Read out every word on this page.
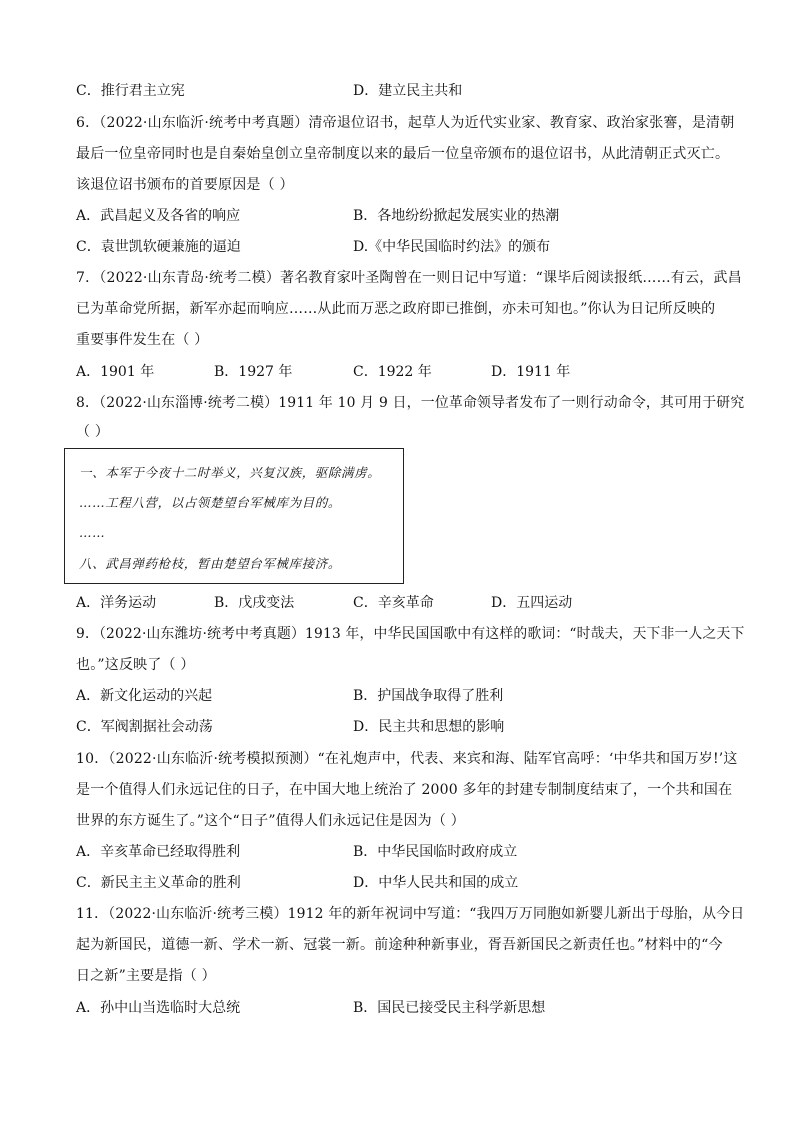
C．推行君主立宪	D．建立民主共和
6．（2022·山东临沂·统考中考真题）清帝退位诏书，起草人为近代实业家、教育家、政治家张謇，是清朝
最后一位皇帝同时也是自秦始皇创立皇帝制度以来的最后一位皇帝颁布的退位诏书，从此清朝正式灭亡。
该退位诏书颁布的首要原因是（ ）
A．武昌起义及各省的响应	B．各地纷纷掀起发展实业的热潮
C．袁世凯软硬兼施的逼迫	D.《中华民国临时约法》的颁布
7．（2022·山东青岛·统考二模）著名教育家叶圣陶曾在一则日记中写道：“课毕后阅读报纸……有云，武昌
已为革命党所据，新军亦起而响应……从此而万恶之政府即已推倒，亦未可知也。”你认为日记所反映的
重要事件发生在（ ）
A．1901 年	B．1927 年	C．1922 年	D．1911 年
8．（2022·山东淄博·统考二模）1911 年 10 月 9 日，一位革命领导者发布了一则行动命令，其可用于研究
（ ）
一、本军于今夜十二时举义，兴复汉族，驱除满虏。
……工程八营，以占领楚望台军械库为目的。
……
八、武昌弹药枪枝，暂由楚望台军械库接济。
A．洋务运动	B．戊戌变法	C．辛亥革命	D．五四运动
9．（2022·山东潍坊·统考中考真题）1913 年，中华民国国歌中有这样的歌词：“时哉夫，天下非一人之天下
也。”这反映了（ ）
A．新文化运动的兴起	B．护国战争取得了胜利
C．军阀割据社会动荡	D．民主共和思想的影响
10．（2022·山东临沂·统考模拟预测）“在礼炮声中，代表、来宾和海、陆军官高呼：‘中华共和国万岁!’这
是一个值得人们永远记住的日子，在中国大地上统治了 2000 多年的封建专制制度结束了，一个共和国在
世界的东方诞生了。”这个“日子”值得人们永远记住是因为（ ）
A．辛亥革命已经取得胜利	B．中华民国临时政府成立
C．新民主主义革命的胜利	D．中华人民共和国的成立
11．（2022·山东临沂·统考三模）1912 年的新年祝词中写道：“我四万万同胞如新婴儿新出于母胎，从今日
起为新国民，道德一新、学术一新、冠裳一新。前途种种新事业，胥吾新国民之新责任也。”材料中的“今
日之新”主要是指（ ）
A．孙中山当选临时大总统	B．国民已接受民主科学新思想
